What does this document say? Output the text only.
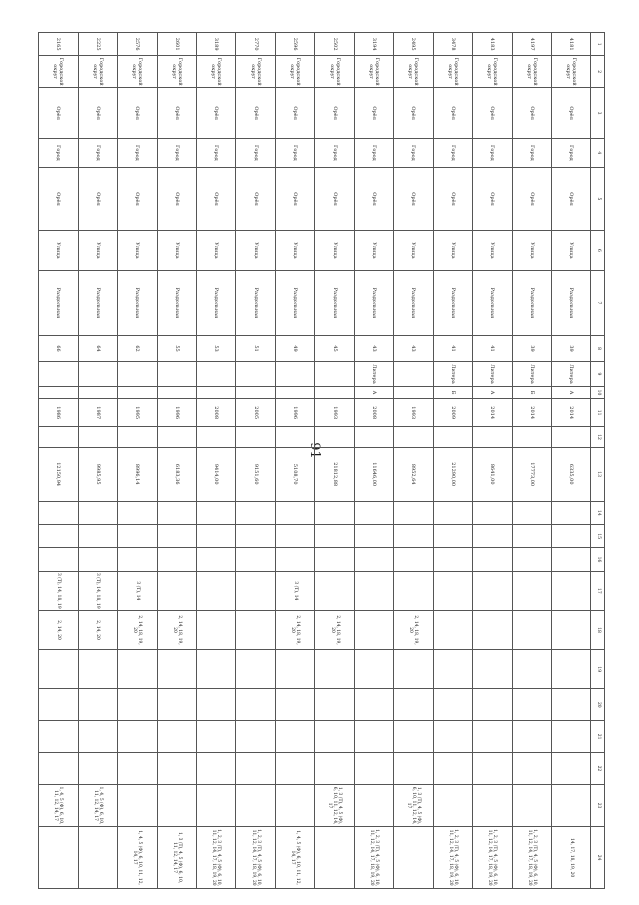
91
1	2	3	4	5	6	7	8	9	10	11	12	13	14	15	16	17	18	19	20	21	22	23	24
4181	Городской округ	Орёл	Город	Орёл	Улица	Раздольная	39	Литера	А	2014		6335,00											14, 17, 18, 19, 20
4197	Городской округ	Орёл	Город	Орёл	Улица	Раздольная	39	Литера	Б	2014		17773,00											1, 2, 3 (Т), 4, 5 (Ф), 6, 10, 11, 12, 14, 17, 18, 19, 20
4183	Городской округ	Орёл	Город	Орёл	Улица	Раздольная	41	Литера	А	2014		8641,00											1, 2, 3 (Т), 4, 5 (Ф), 6, 10, 11, 12, 14, 17, 18, 19, 20
3478	Городской округ	Орёл	Город	Орёл	Улица	Раздольная	41	Литера	Б	2009		21290,00											1, 2, 3 (Т), 4, 5 (Ф), 6, 10, 11, 12, 14, 17, 18, 19, 20
2495	Городской округ	Орёл	Город	Орёл	Улица	Раздольная	43			1993		8952,64					2, 14, 18, 19, 20					1, 3 (Т), 4, 5 (Ф), 6, 10, 11, 12, 14, 17	
3194	Городской округ	Орёл	Город	Орёл	Улица	Раздольная	43	Литера	А	2008		11646,00											1, 2, 3 (Т), 4, 5 (Ф), 6, 10, 11, 12, 14, 17, 18, 19, 20
2502	Городской округ	Орёл	Город	Орёл	Улица	Раздольная	45			1993		21812,88					2, 14, 18, 19, 20					1, 3 (Т), 4, 5 (Ф), 6, 10, 11, 12, 14, 17	
2596	Городской округ	Орёл	Город	Орёл	Улица	Раздольная	49			1996		5108,70				3 (Т), 14	2, 14, 18, 19, 20						1, 4, 5 (Ф), 6, 10, 11, 12, 14, 17
2770	Городской округ	Орёл	Город	Орёл	Улица	Раздольная	51			2005		9151,60											1, 2, 3 (Т), 4, 5 (Ф), 6, 10, 11, 12, 14, 17, 18, 19, 20
3189	Городской округ	Орёл	Город	Орёл	Улица	Раздольная	53			2008		9414,00											1, 2, 3 (Т), 4, 5 (Ф), 6, 10, 11, 12, 14, 17, 18, 19, 20
2601	Городской округ	Орёл	Город	Орёл	Улица	Раздольная	55			1996		6183,36					2, 14, 18, 19, 20						1, 3 (Т), 4, 5 (Ф), 6, 10, 11, 12, 14, 17
2576	Городской округ	Орёл	Город	Орёл	Улица	Раздольная	62			1995		8996,14				3 (Т), 14	2, 14, 18, 19, 20						1, 4, 5 (Ф), 6, 10, 11, 12, 14, 17
2225	Городской округ	Орёл	Город	Орёл	Улица	Раздольная	64			1987		9985,95				3 (Т), 14, 18, 19	2, 14, 20					1, 4, 5 (Ф), 6, 10, 11, 12, 14, 17	
2165	Городской округ	Орёл	Город	Орёл	Улица	Раздольная	66			1986		12150,94				3 (Т), 14, 18, 19	2, 14, 20					1, 4, 5 (Ф), 6, 10, 11, 12, 14, 17	
